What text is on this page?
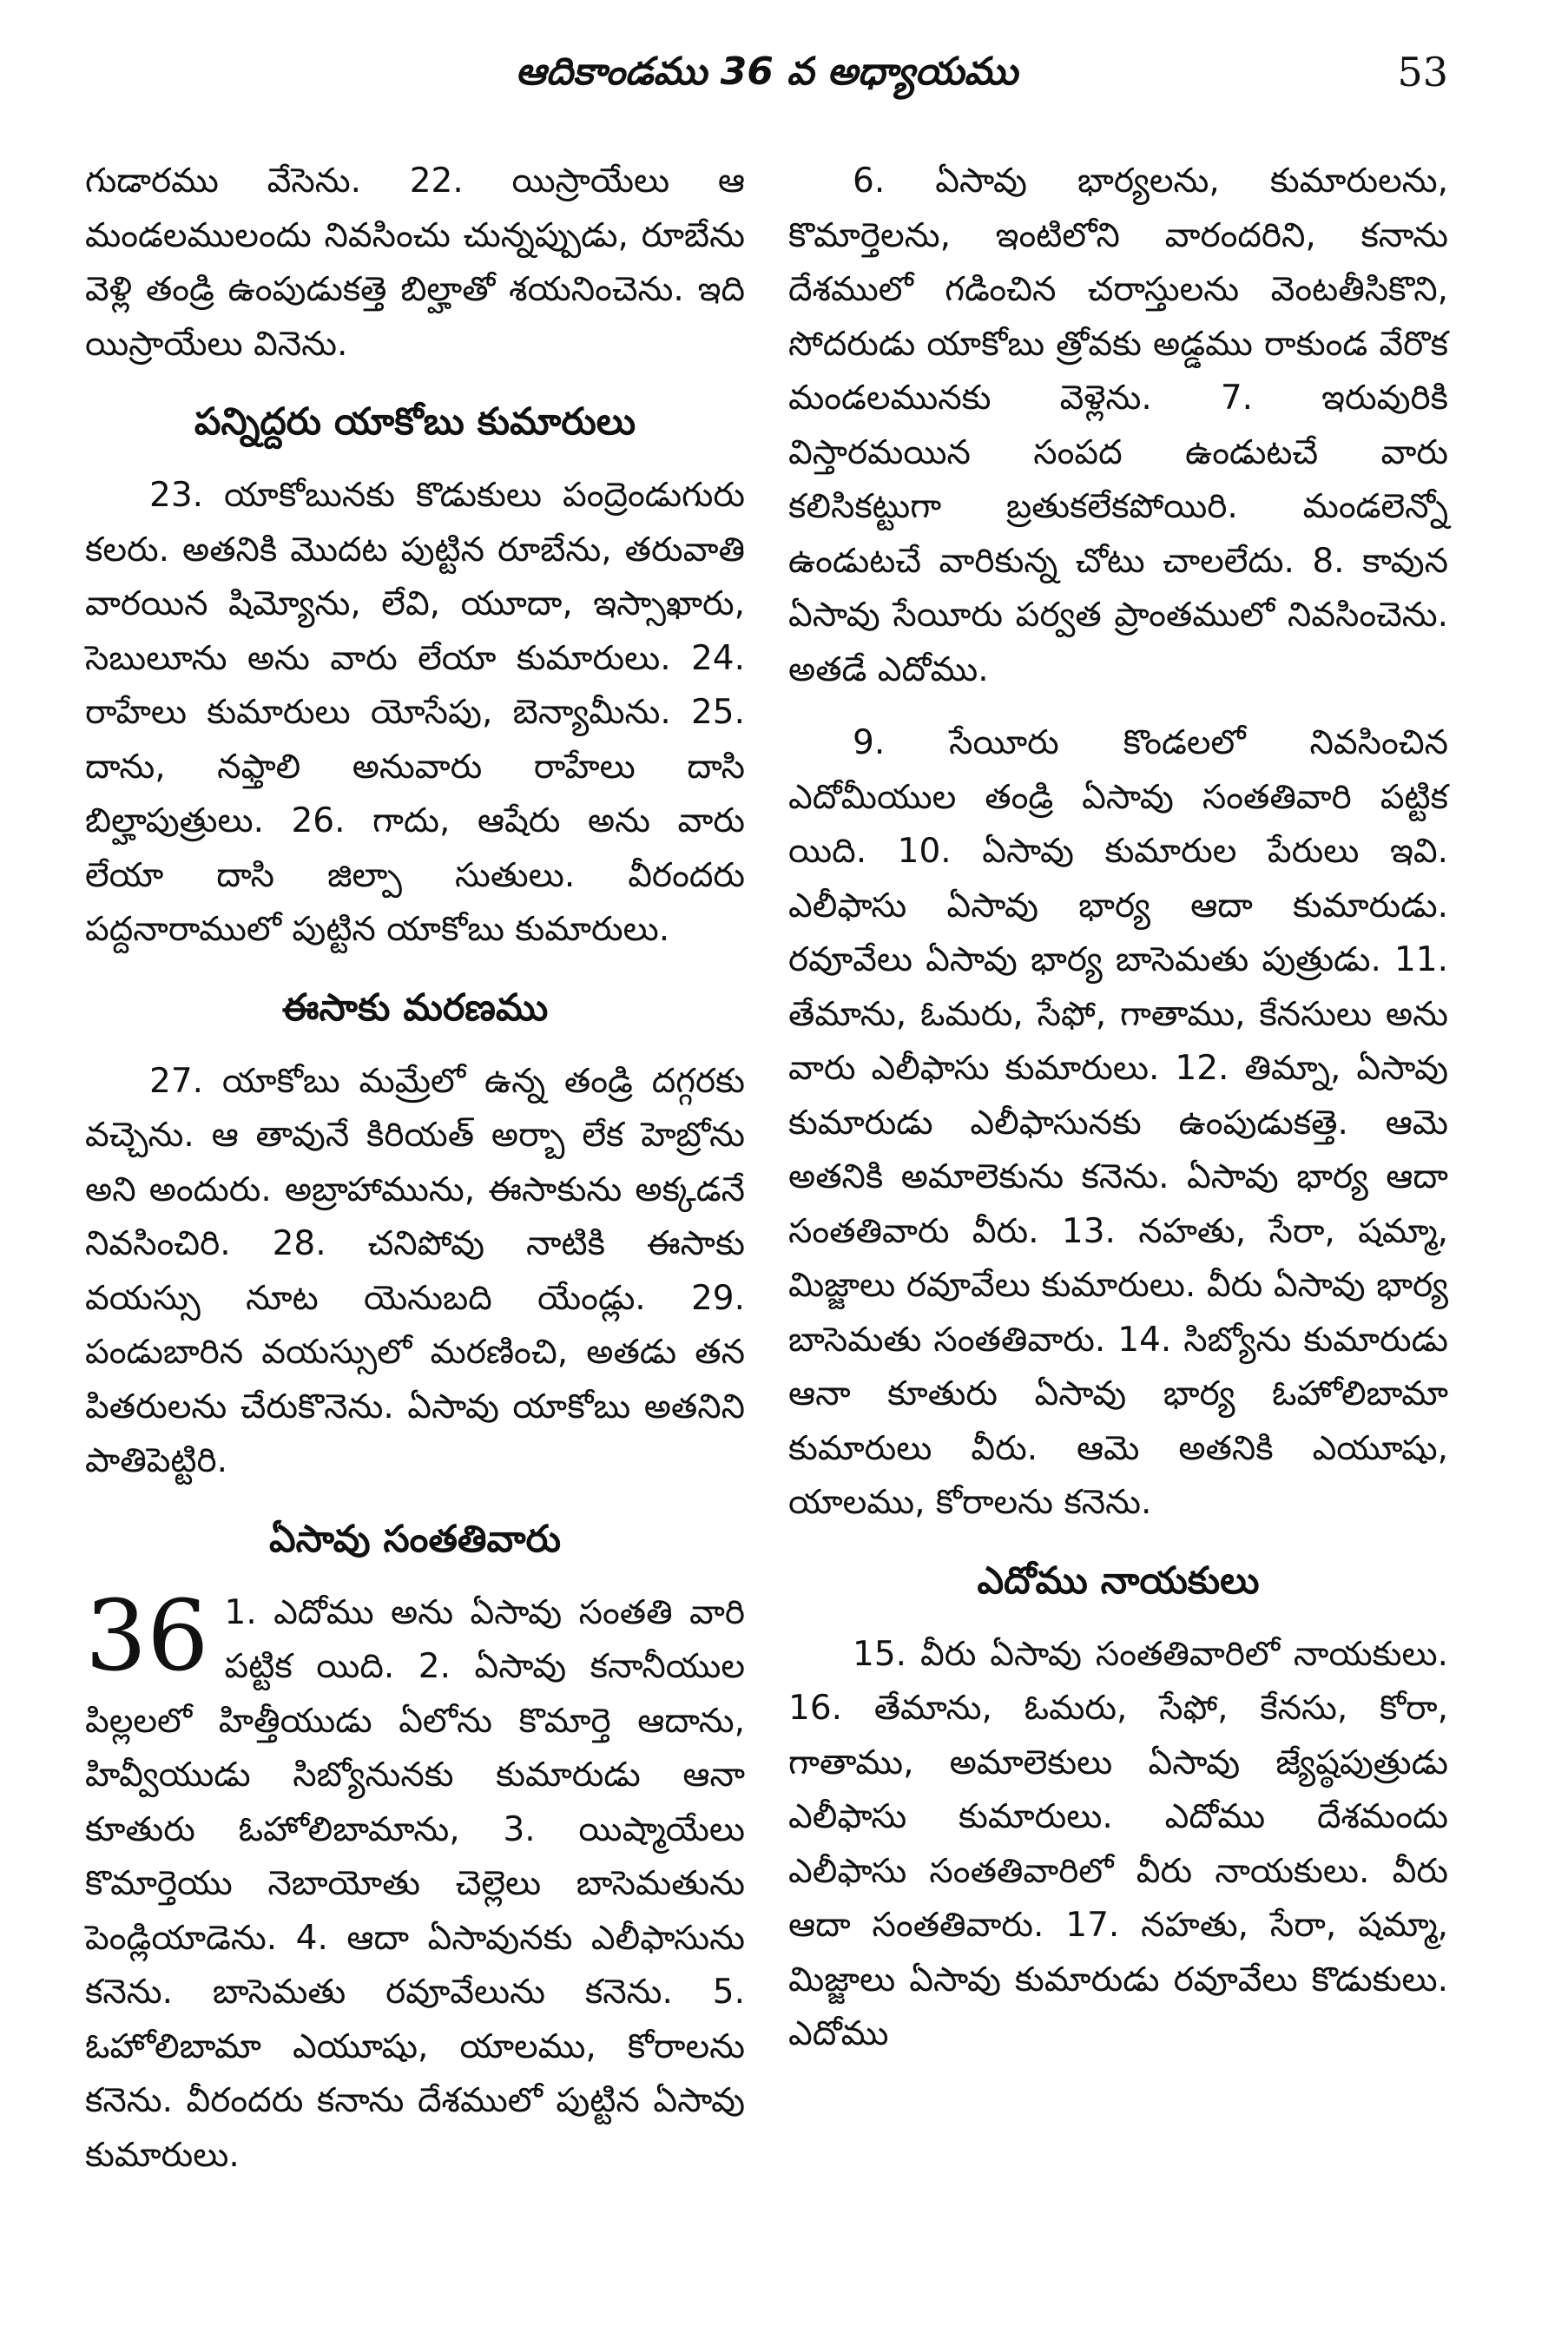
ఆదికాండము 36 వ అధ్యాయము	53

గుడారము వేసెను. 22. యిస్రాయేలు ఆ మండలములందు నివసించు చున్నప్పుడు, రూబేను వెళ్లి తండ్రి ఉంపుడుకత్తె బిల్హాతో శయనించెను. ఇది యిస్రాయేలు వినెను.

పన్నిద్దరు యాకోబు కుమారులు

23. యాకోబునకు కొడుకులు పంద్రెండుగురు కలరు. అతనికి మొదట పుట్టిన రూబేను, తరువాతి వారయిన షిమ్యోను, లేవి, యూదా, ఇస్సాఖారు, సెబులూను అను వారు లేయా కుమారులు. 24. రాహేలు కుమారులు యోసేపు, బెన్యామీను. 25. దాను, నఫ్తాలి అనువారు రాహేలు దాసి బిల్హాపుత్రులు. 26. గాదు, ఆషేరు అను వారు లేయా దాసి జిల్పా సుతులు. వీరందరు పద్దనారాములో పుట్టిన యాకోబు కుమారులు.

ఈసాకు మరణము

27. యాకోబు మమ్రేలో ఉన్న తండ్రి దగ్గరకు వచ్చెను. ఆ తావునే కిరియత్ అర్బా లేక హెబ్రోను అని అందురు. అబ్రాహామును, ఈసాకును అక్కడనే నివసించిరి. 28. చనిపోవు నాటికి ఈసాకు వయస్సు నూట యెనుబది యేండ్లు. 29. పండుబారిన వయస్సులో మరణించి, అతడు తన పితరులను చేరుకొనెను. ఏసావు యాకోబు అతనిని పాతిపెట్టిరి.

ఏసావు సంతతివారు
36 1. ఎదోము అను ఏసావు సంతతి వారి పట్టిక యిది. 2. ఏసావు కనానీయుల పిల్లలలో హిత్తీయుడు ఏలోను కొమార్తె ఆదాను, హివ్వీయుడు సిబ్యోనునకు కుమారుడు ఆనా కూతురు ఓహోలిబామాను, 3. యిష్మాయేలు కొమార్తెయు నెబాయోతు చెల్లెలు బాసెమతును పెండ్లియాడెను. 4. ఆదా ఏసావునకు ఎలీఫాసును కనెను. బాసెమతు రవూవేలును కనెను. 5. ఓహోలిబామా ఎయూషు, యాలము, కోరాలను కనెను. వీరందరు కనాను దేశములో పుట్టిన ఏసావు కుమారులు.

6. ఏసావు భార్యలను, కుమారులను, కొమార్తెలను, ఇంటిలోని వారందరిని, కనాను దేశములో గడించిన చరాస్తులను వెంటతీసికొని, సోదరుడు యాకోబు త్రోవకు అడ్డము రాకుండ వేరొక మండలమునకు వెళ్లెను. 7. ఇరువురికి విస్తారమయిన సంపద ఉండుటచే వారు కలిసికట్టుగా బ్రతుకలేకపోయిరి. మండలెన్నో ఉండుటచే వారికున్న చోటు చాలలేదు. 8. కావున ఏసావు సేయీరు పర్వత ప్రాంతములో నివసించెను. అతడే ఎదోము.

9. సేయీరు కొండలలో నివసించిన ఎదోమీయుల తండ్రి ఏసావు సంతతివారి పట్టిక యిది. 10. ఏసావు కుమారుల పేరులు ఇవి. ఎలీఫాసు ఏసావు భార్య ఆదా కుమారుడు. రవూవేలు ఏసావు భార్య బాసెమతు పుత్రుడు. 11. తేమాను, ఓమరు, సేఫో, గాతాము, కేనసులు అను వారు ఎలీఫాసు కుమారులు. 12. తిమ్నా, ఏసావు కుమారుడు ఎలీఫాసునకు ఉంపుడుకత్తె. ఆమె అతనికి అమాలెకును కనెను. ఏసావు భార్య ఆదా సంతతివారు వీరు. 13. నహతు, సేరా, షమ్మా, మిజ్జాలు రవూవేలు కుమారులు. వీరు ఏసావు భార్య బాసెమతు సంతతివారు. 14. సిబ్యోను కుమారుడు ఆనా కూతురు ఏసావు భార్య ఓహోలిబామా కుమారులు వీరు. ఆమె అతనికి ఎయూషు, యాలము, కోరాలను కనెను.

ఎదోము నాయకులు

15. వీరు ఏసావు సంతతివారిలో నాయకులు. 16. తేమాను, ఓమరు, సేఫో, కేనసు, కోరా, గాతాము, అమాలెకులు ఏసావు జ్యేష్ఠపుత్రుడు ఎలీఫాసు కుమారులు. ఎదోము దేశమందు ఎలీఫాసు సంతతివారిలో వీరు నాయకులు. వీరు ఆదా సంతతివారు. 17. నహతు, సేరా, షమ్మా, మిజ్జాలు ఏసావు కుమారుడు రవూవేలు కొడుకులు. ఎదోము
